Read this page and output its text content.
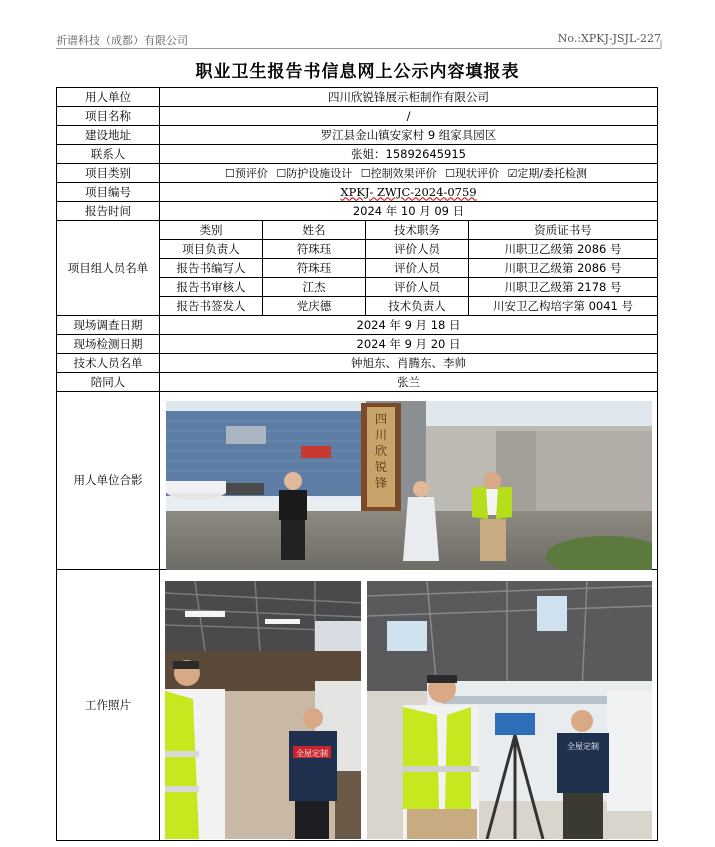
祈谱科技（成都）有限公司	No.:XPKJ-JSJL-227
职业卫生报告书信息网上公示内容填报表
用人单位	四川欣锐锋展示柜制作有限公司			
项目名称	/			
建设地址	罗江县金山镇安家村 9 组家具园区			
联系人	张姐：15892645915			
项目类别	☐预评价 ☐防护设施设计 ☐控制效果评价 ☐现状评价 ☑定期/委托检测			
项目编号	XPKJ- ZWJC-2024-0759			
报告时间	2024 年 10 月 09 日			
项目组人员名单	类别	姓名	技术职务	资质证书号
	项目负责人	符珠珏	评价人员	川职卫乙级第 2086 号
	报告书编写人	符珠珏	评价人员	川职卫乙级第 2086 号
	报告书审核人	江杰	评价人员	川职卫乙级第 2178 号
	报告书签发人	党庆德	技术负责人	川安卫乙构培字第 0041 号
现场调查日期	2024 年 9 月 18 日			
现场检测日期	2024 年 9 月 20 日			
技术人员名单	钟旭东、肖腾东、李帅			
陪同人	张兰			
用人单位合影				
工作照片				
四
川
欣
锐
锋
全屋定制
全屋定制
